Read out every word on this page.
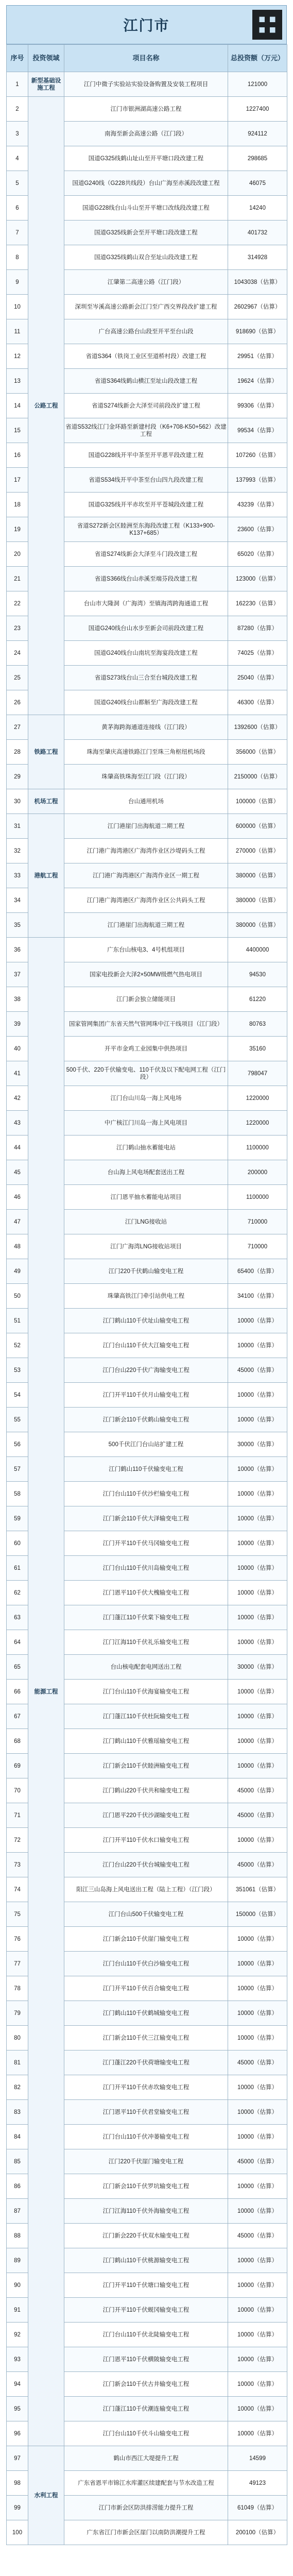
江门市
序号	投资领域	项目名称	总投资额（万元）
1	新型基础设施工程	江门中微子实验站实验设备购置及安装工程项目	121000
2	公路工程	江门市银洲湖高速公路工程	1227400
3		南海至新会高速公路（江门段）	924112
4		国道G325线鹤山址山至开平塘口段改建工程	298685
5		国道G240线（G228共线段）台山广海至赤溪段改建工程	46075
6		国道G228线台山斗山至开平塘口改线段改建工程	14240
7		国道G325线新会至开平塘口段改建工程	401732
8		国道G325线鹤山双合至址山段改建工程	314928
9		江肇第二高速公路（江门段）	1043038（估算）
10		深圳至岑溪高速公路新会江门至广西交界段改扩建工程	2602967（估算）
11		广台高速公路台山段至开平至台山段	918690（估算）
12		省道S364（铁岗工业区至道桥村段）改建工程	29951（估算）
13		省道S364线鹤山横江至址山段改建工程	19624（估算）
14		省道S274线新会大泽至司前段改扩建工程	99306（估算）
15		省道S532线江门金环路至新建村段（K6+708-K50+562）改建工程	99534（估算）
16		国道G228线开平中茶至开平恩平段改建工程	107260（估算）
17		省道S534线开平中茶至台山四九段改建工程	137993（估算）
18		国道G325线开平赤坎至开平苍城段改建工程	43239（估算）
19		省道S272新会区睦洲至东海段改建工程（K133+900-K137+685）	23600（估算）
20		省道S274线新会大泽至斗门段改建工程	65020（估算）
21		省道S366线台山赤溪至端芬段改建工程	123000（估算）
22		台山市大隆洞（广海湾）至镇海湾跨海通道工程	162230（估算）
23		国道G240线台山水步至新会司前段改建工程	87280（估算）
24		国道G240线台山南坑至海宴段改建工程	74025（估算）
25		省道S273线台山三合至台城段改建工程	25040（估算）
26		国道G240线台山都斛至广海段改建工程	46300（估算）
27	铁路工程	黄茅海跨海通道连接线（江门段）	1392600（估算）
28		珠海至肇庆高速铁路江门至珠三角枢纽机场段	356000（估算）
29		珠肇高铁珠海至江门段（江门段）	2150000（估算）
30	机场工程	台山通用机场	100000（估算）
31	港航工程	江门港崖门出海航道二期工程	600000（估算）
32		江门港广海湾港区广海湾作业区沙堤码头工程	270000（估算）
33		江门港广海湾港区广海湾作业区一期工程	380000（估算）
34		江门港广海湾港区广海湾作业区公共码头工程	380000（估算）
35		江门港崖门出海航道三期工程	380000（估算）
36	能源工程	广东台山核电3、4号机组项目	4400000
37		国家电投新会大泽2×50MW级燃气热电项目	94530
38		江门新会独立储能项目	61220
39		国家管网集团广东省天然气管网珠中江干线项目（江门段）	80763
40		开平市金鸡工业园集中供热项目	35160
41		500千伏、220千伏输变电、110千伏及以下配电网工程（江门段）	798047
42		江门台山川岛一海上风电场	1220000
43		中广核江门川岛一海上风电项目	1220000
44		江门鹤山抽水蓄能电站	1100000
45		台山海上风电场配套送出工程	200000
46		江门恩平抽水蓄能电站项目	1100000
47		江门LNG接收站	710000
48		江门广海湾LNG接收站项目	710000
49		江门220千伏鹤山输变电工程	65400（估算）
50		珠肇高铁江门牵引站供电工程	34100（估算）
51		江门鹤山110千伏址山输变电工程	10000（估算）
52		江门台山110千伏大江输变电工程	10000（估算）
53		江门台山220千伏广海输变电工程	45000（估算）
54		江门开平110千伏月山输变电工程	10000（估算）
55		江门新会110千伏鹤山输变电工程	10000（估算）
56		500千伏江门台山站扩建工程	30000（估算）
57		江门鹤山110千伏输变电工程	10000（估算）
58		江门台山110千伏沙栏输变电工程	10000（估算）
59		江门新会110千伏大泽输变电工程	10000（估算）
60		江门开平110千伏马冈输变电工程	10000（估算）
61		江门台山110千伏川岛输变电工程	10000（估算）
62		江门恩平110千伏大槐输变电工程	10000（估算）
63		江门蓬江110千伏棠下输变电工程	10000（估算）
64		江门江海110千伏礼乐输变电工程	10000（估算）
65		台山核电配套电网送出工程	30000（估算）
66		江门台山110千伏海宴输变电工程	10000（估算）
67		江门蓬江110千伏杜阮输变电工程	10000（估算）
68		江门鹤山110千伏雅瑶输变电工程	10000（估算）
69		江门新会110千伏睦洲输变电工程	10000（估算）
70		江门鹤山220千伏共和输变电工程	45000（估算）
71		江门恩平220千伏沙湖输变电工程	45000（估算）
72		江门开平110千伏水口输变电工程	10000（估算）
73		江门台山220千伏台城输变电工程	45000（估算）
74		阳江三山岛海上风电送出工程（陆上工程）（江门段）	351061（估算）
75		江门台山500千伏输变电工程	150000（估算）
76		江门新会110千伏崖门输变电工程	10000（估算）
77		江门台山110千伏白沙输变电工程	10000（估算）
78		江门开平110千伏百合输变电工程	10000（估算）
79		江门鹤山110千伏鹤城输变电工程	10000（估算）
80		江门新会110千伏三江输变电工程	10000（估算）
81		江门蓬江220千伏荷塘输变电工程	45000（估算）
82		江门开平110千伏赤坎输变电工程	10000（估算）
83		江门恩平110千伏君堂输变电工程	10000（估算）
84		江门台山110千伏冲蒌输变电工程	10000（估算）
85		江门220千伏崖门输变电工程	45000（估算）
86		江门新会110千伏罗坑输变电工程	10000（估算）
87		江门江海110千伏外海输变电工程	10000（估算）
88		江门新会220千伏双水输变电工程	45000（估算）
89		江门鹤山110千伏桃源输变电工程	10000（估算）
90		江门开平110千伏塘口输变电工程	10000（估算）
91		江门开平110千伏蚬冈输变电工程	10000（估算）
92		江门台山110千伏北陡输变电工程	10000（估算）
93		江门恩平110千伏横陂输变电工程	10000（估算）
94		江门新会110千伏古井输变电工程	10000（估算）
95		江门蓬江110千伏潮连输变电工程	10000（估算）
96		江门台山110千伏斗山输变电工程	10000（估算）
97	水利工程	鹤山市西江大堤提升工程	14599
98		广东省恩平市锦江水库灌区续建配套与节水改造工程	49123
99		江门市新会区防洪排涝能力提升工程	61049（估算）
100		广东省江门市新会区崖门以南防洪潮提升工程	200100（估算）
